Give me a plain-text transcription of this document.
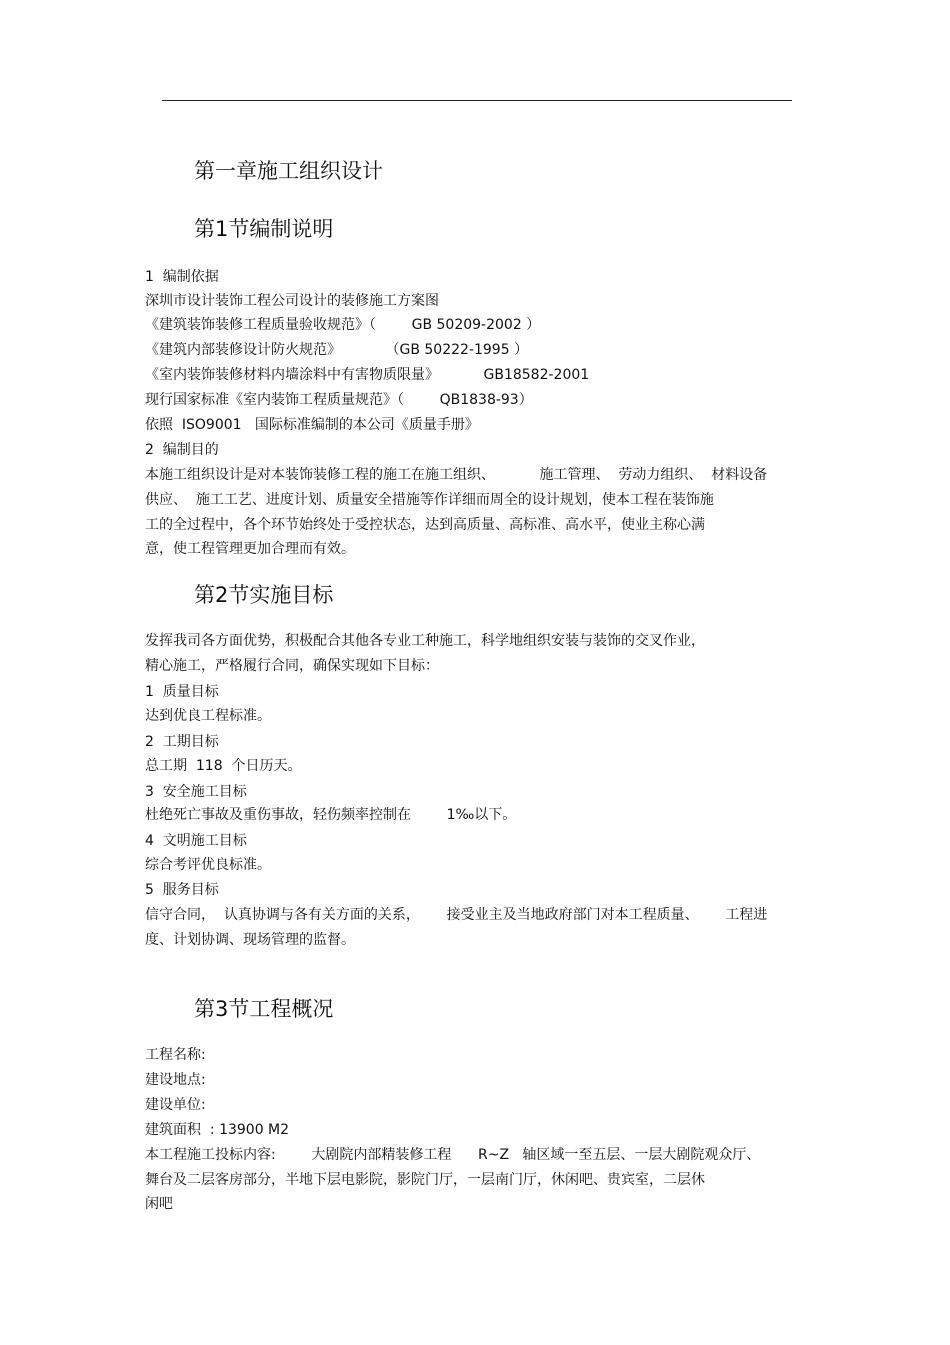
第一章施工组织设计
第1节编制说明
1  编制依据
深圳市设计装饰工程公司设计的装修施工方案图
《建筑装饰装修工程质量验收规范》（        GB 50209-2002 ）
《建筑内部装修设计防火规范》          （GB 50222-1995 ）
《室内装饰装修材料内墙涂料中有害物质限量》          GB18582-2001
现行国家标准《室内装饰工程质量规范》（        QB1838-93）
依照  ISO9001   国际标准编制的本公司《质量手册》
2  编制目的
本施工组织设计是对本装饰装修工程的施工在施工组织、          施工管理、  劳动力组织、  材料设备
供应、  施工工艺、进度计划、质量安全措施等作详细而周全的设计规划，使本工程在装饰施
工的全过程中，各个环节始终处于受控状态，达到高质量、高标准、高水平，使业主称心满
意，使工程管理更加合理而有效。
第2节实施目标
发挥我司各方面优势，积极配合其他各专业工种施工，科学地组织安装与装饰的交叉作业，
精心施工，严格履行合同，确保实现如下目标：
1  质量目标
达到优良工程标准。
2  工期目标
总工期  118  个日历天。
3  安全施工目标
杜绝死亡事故及重伤事故，轻伤频率控制在        1‰以下。
4  文明施工目标
综合考评优良标准。
5  服务目标
信守合同，  认真协调与各有关方面的关系，      接受业主及当地政府部门对本工程质量、      工程进
度、计划协调、现场管理的监督。
第3节工程概况
工程名称:
建设地点:
建设单位:
建筑面积  : 13900 M2
本工程施工投标内容:        大剧院内部精装修工程      R~Z   轴区域一至五层、一层大剧院观众厅、
舞台及二层客房部分，半地下层电影院，影院门厅，一层南门厅，休闲吧、贵宾室，二层休
闲吧
